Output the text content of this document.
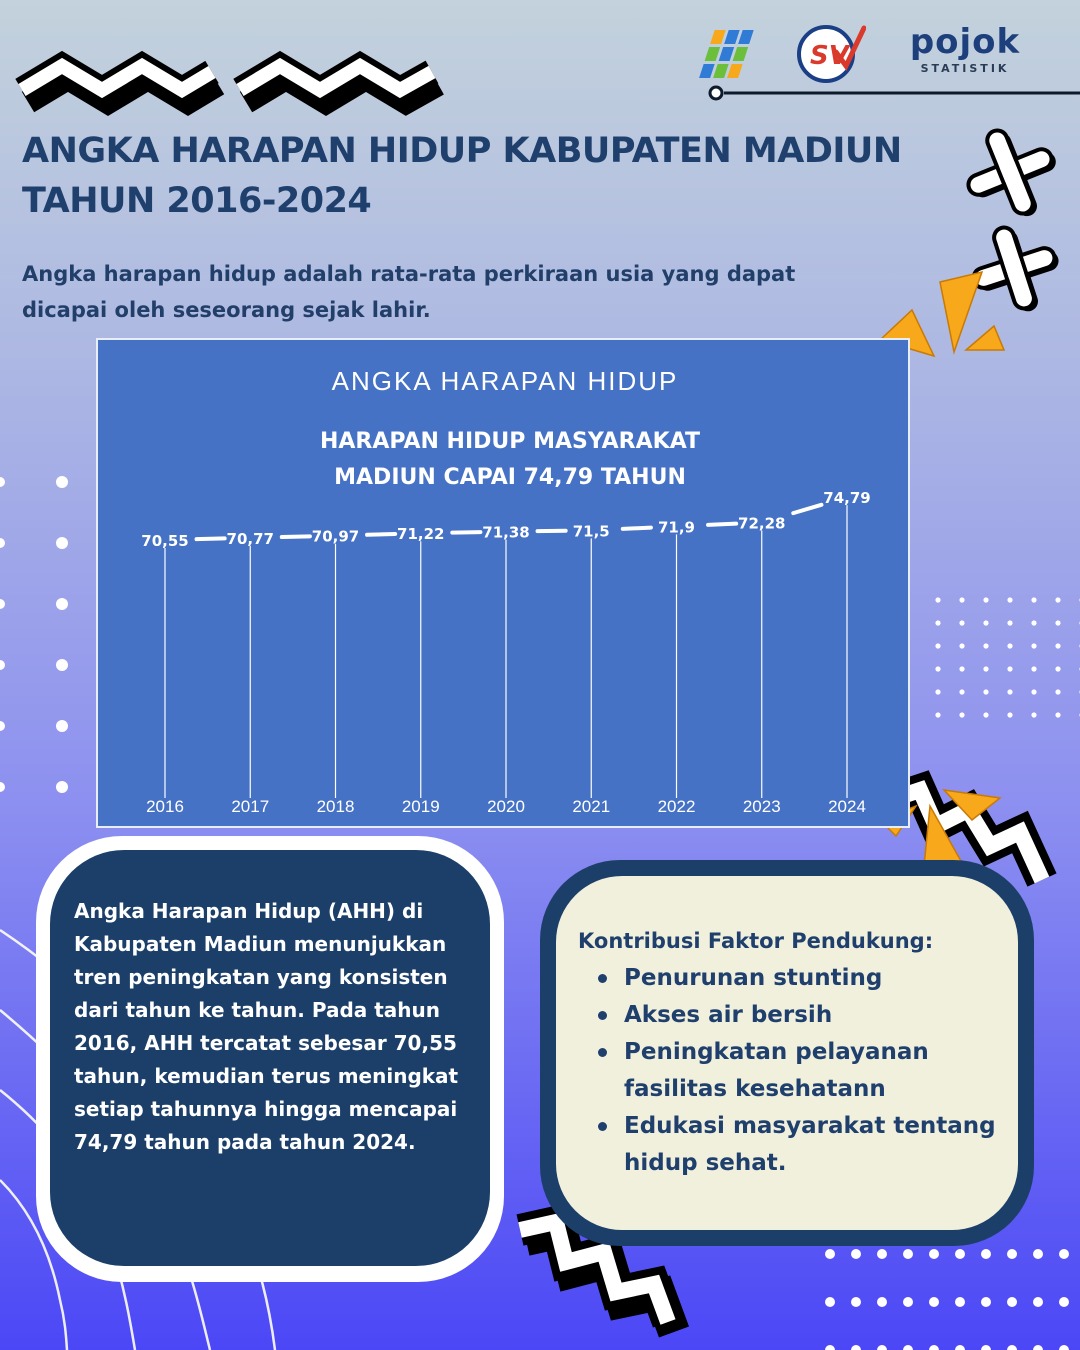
SV	pojok
STATISTIK
ANGKA HARAPAN HIDUP KABUPATEN MADIUN
TAHUN 2016-2024

Angka harapan hidup adalah rata-rata perkiraan usia yang dapat
dicapai oleh seseorang sejak lahir.

ANGKA HARAPAN HIDUP
HARAPAN HIDUP MASYARAKAT
MADIUN CAPAI 74,79 TAHUN
70,55	70,77	70,97	71,22	71,38	71,5	71,9	72,28
74,79
2016	2017	2018	2019	2020	2021	2022	2023	2024

Angka Harapan Hidup (AHH) di Kabupaten Madiun menunjukkan tren peningkatan yang konsisten dari tahun ke tahun. Pada tahun 2016, AHH tercatat sebesar 70,55 tahun, kemudian terus meningkat setiap tahunnya hingga mencapai 74,79 tahun pada tahun 2024.

Kontribusi Faktor Pendukung:

Penurunan stunting
Akses air bersih
Peningkatan pelayanan fasilitas kesehatann
Edukasi masyarakat tentang hidup sehat.
